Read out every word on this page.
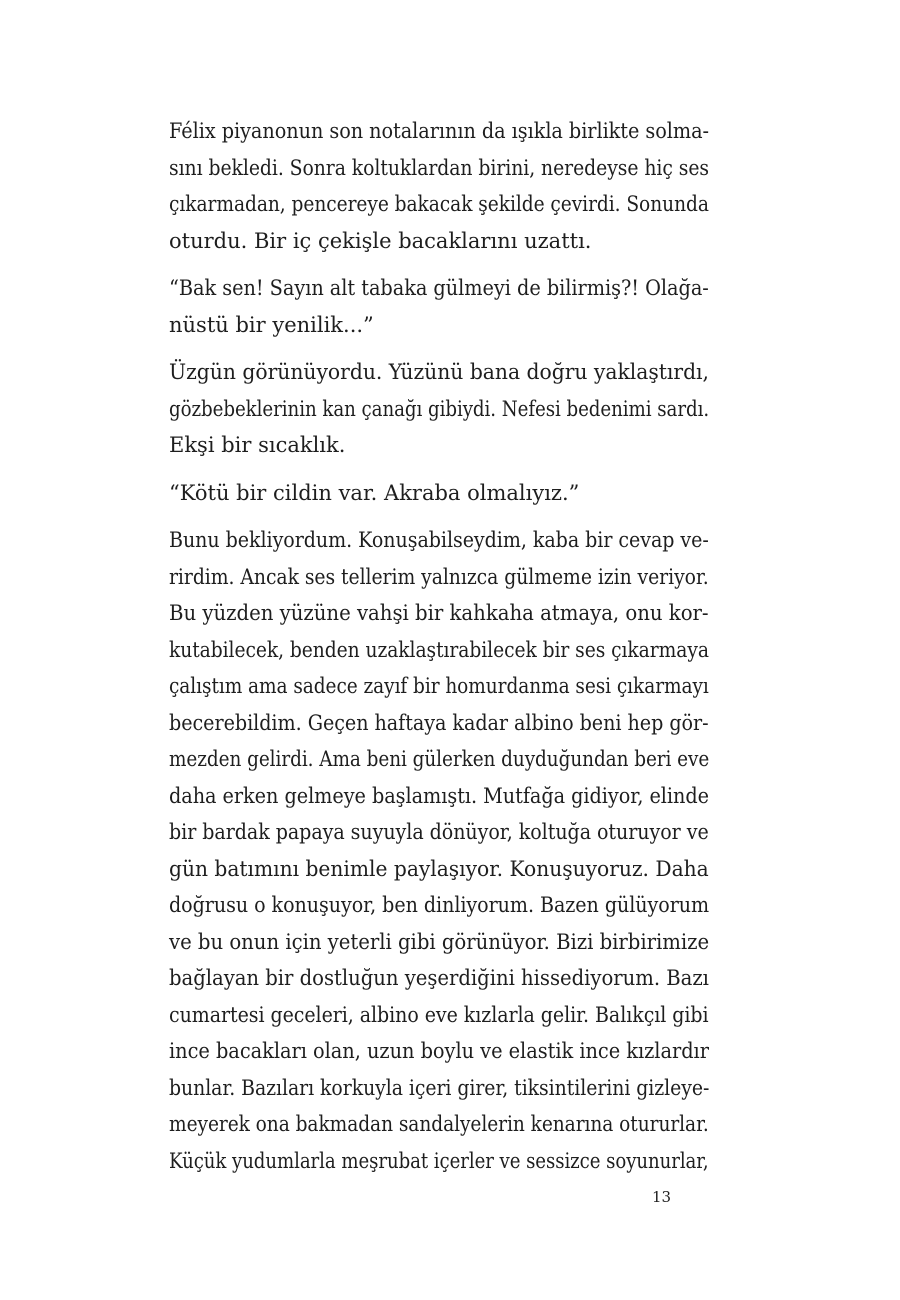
Félix piyanonun son notalarının da ışıkla birlikte solma-
sını bekledi. Sonra koltuklardan birini, neredeyse hiç ses
çıkarmadan, pencereye bakacak şekilde çevirdi. Sonunda
oturdu. Bir iç çekişle bacaklarını uzattı.

“Bak sen! Sayın alt tabaka gülmeyi de bilirmiş?! Olağa-
nüstü bir yenilik...”

Üzgün görünüyordu. Yüzünü bana doğru yaklaştırdı,
gözbebeklerinin kan çanağı gibiydi. Nefesi bedenimi sardı.
Ekşi bir sıcaklık.

“Kötü bir cildin var. Akraba olmalıyız.”

Bunu bekliyordum. Konuşabilseydim, kaba bir cevap ve-
rirdim. Ancak ses tellerim yalnızca gülmeme izin veriyor.
Bu yüzden yüzüne vahşi bir kahkaha atmaya, onu kor-
kutabilecek, benden uzaklaştırabilecek bir ses çıkarmaya
çalıştım ama sadece zayıf bir homurdanma sesi çıkarmayı
becerebildim. Geçen haftaya kadar albino beni hep gör-
mezden gelirdi. Ama beni gülerken duyduğundan beri eve
daha erken gelmeye başlamıştı. Mutfağa gidiyor, elinde
bir bardak papaya suyuyla dönüyor, koltuğa oturuyor ve
gün batımını benimle paylaşıyor. Konuşuyoruz. Daha
doğrusu o konuşuyor, ben dinliyorum. Bazen gülüyorum
ve bu onun için yeterli gibi görünüyor. Bizi birbirimize
bağlayan bir dostluğun yeşerdiğini hissediyorum. Bazı
cumartesi geceleri, albino eve kızlarla gelir. Balıkçıl gibi
ince bacakları olan, uzun boylu ve elastik ince kızlardır
bunlar. Bazıları korkuyla içeri girer, tiksintilerini gizleye-
meyerek ona bakmadan sandalyelerin kenarına otururlar.
Küçük yudumlarla meşrubat içerler ve sessizce soyunurlar,

13
